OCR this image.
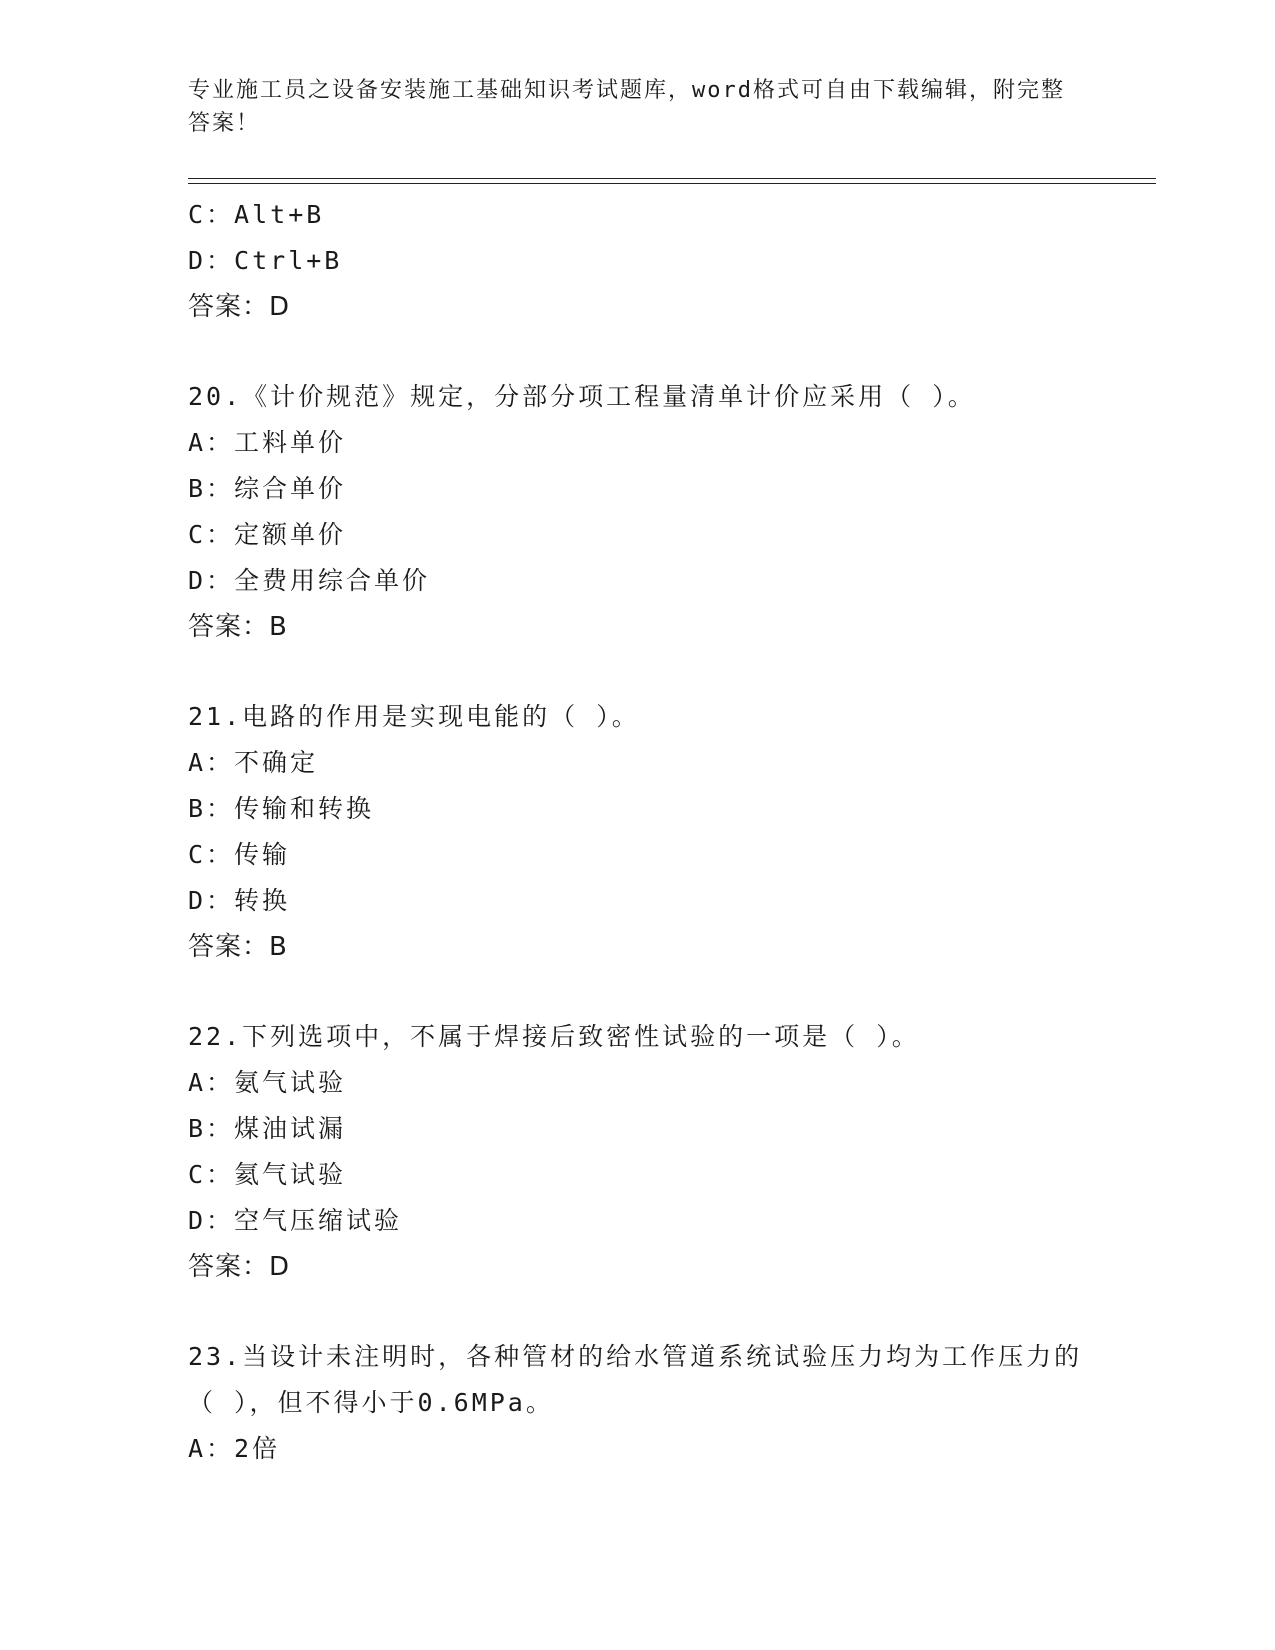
专业施工员之设备安装施工基础知识考试题库，word格式可自由下载编辑，附完整答案！
C：Alt+B
D：Ctrl+B
答案：D
20.《计价规范》规定，分部分项工程量清单计价应采用（ ）。
A：工料单价
B：综合单价
C：定额单价
D：全费用综合单价
答案：B
21.电路的作用是实现电能的（ ）。
A：不确定
B：传输和转换
C：传输
D：转换
答案：B
22.下列选项中，不属于焊接后致密性试验的一项是（ ）。
A：氨气试验
B：煤油试漏
C：氦气试验
D：空气压缩试验
答案：D
23.当设计未注明时，各种管材的给水管道系统试验压力均为工作压力的（ ），但不得小于0.6MPa。
A：2倍
